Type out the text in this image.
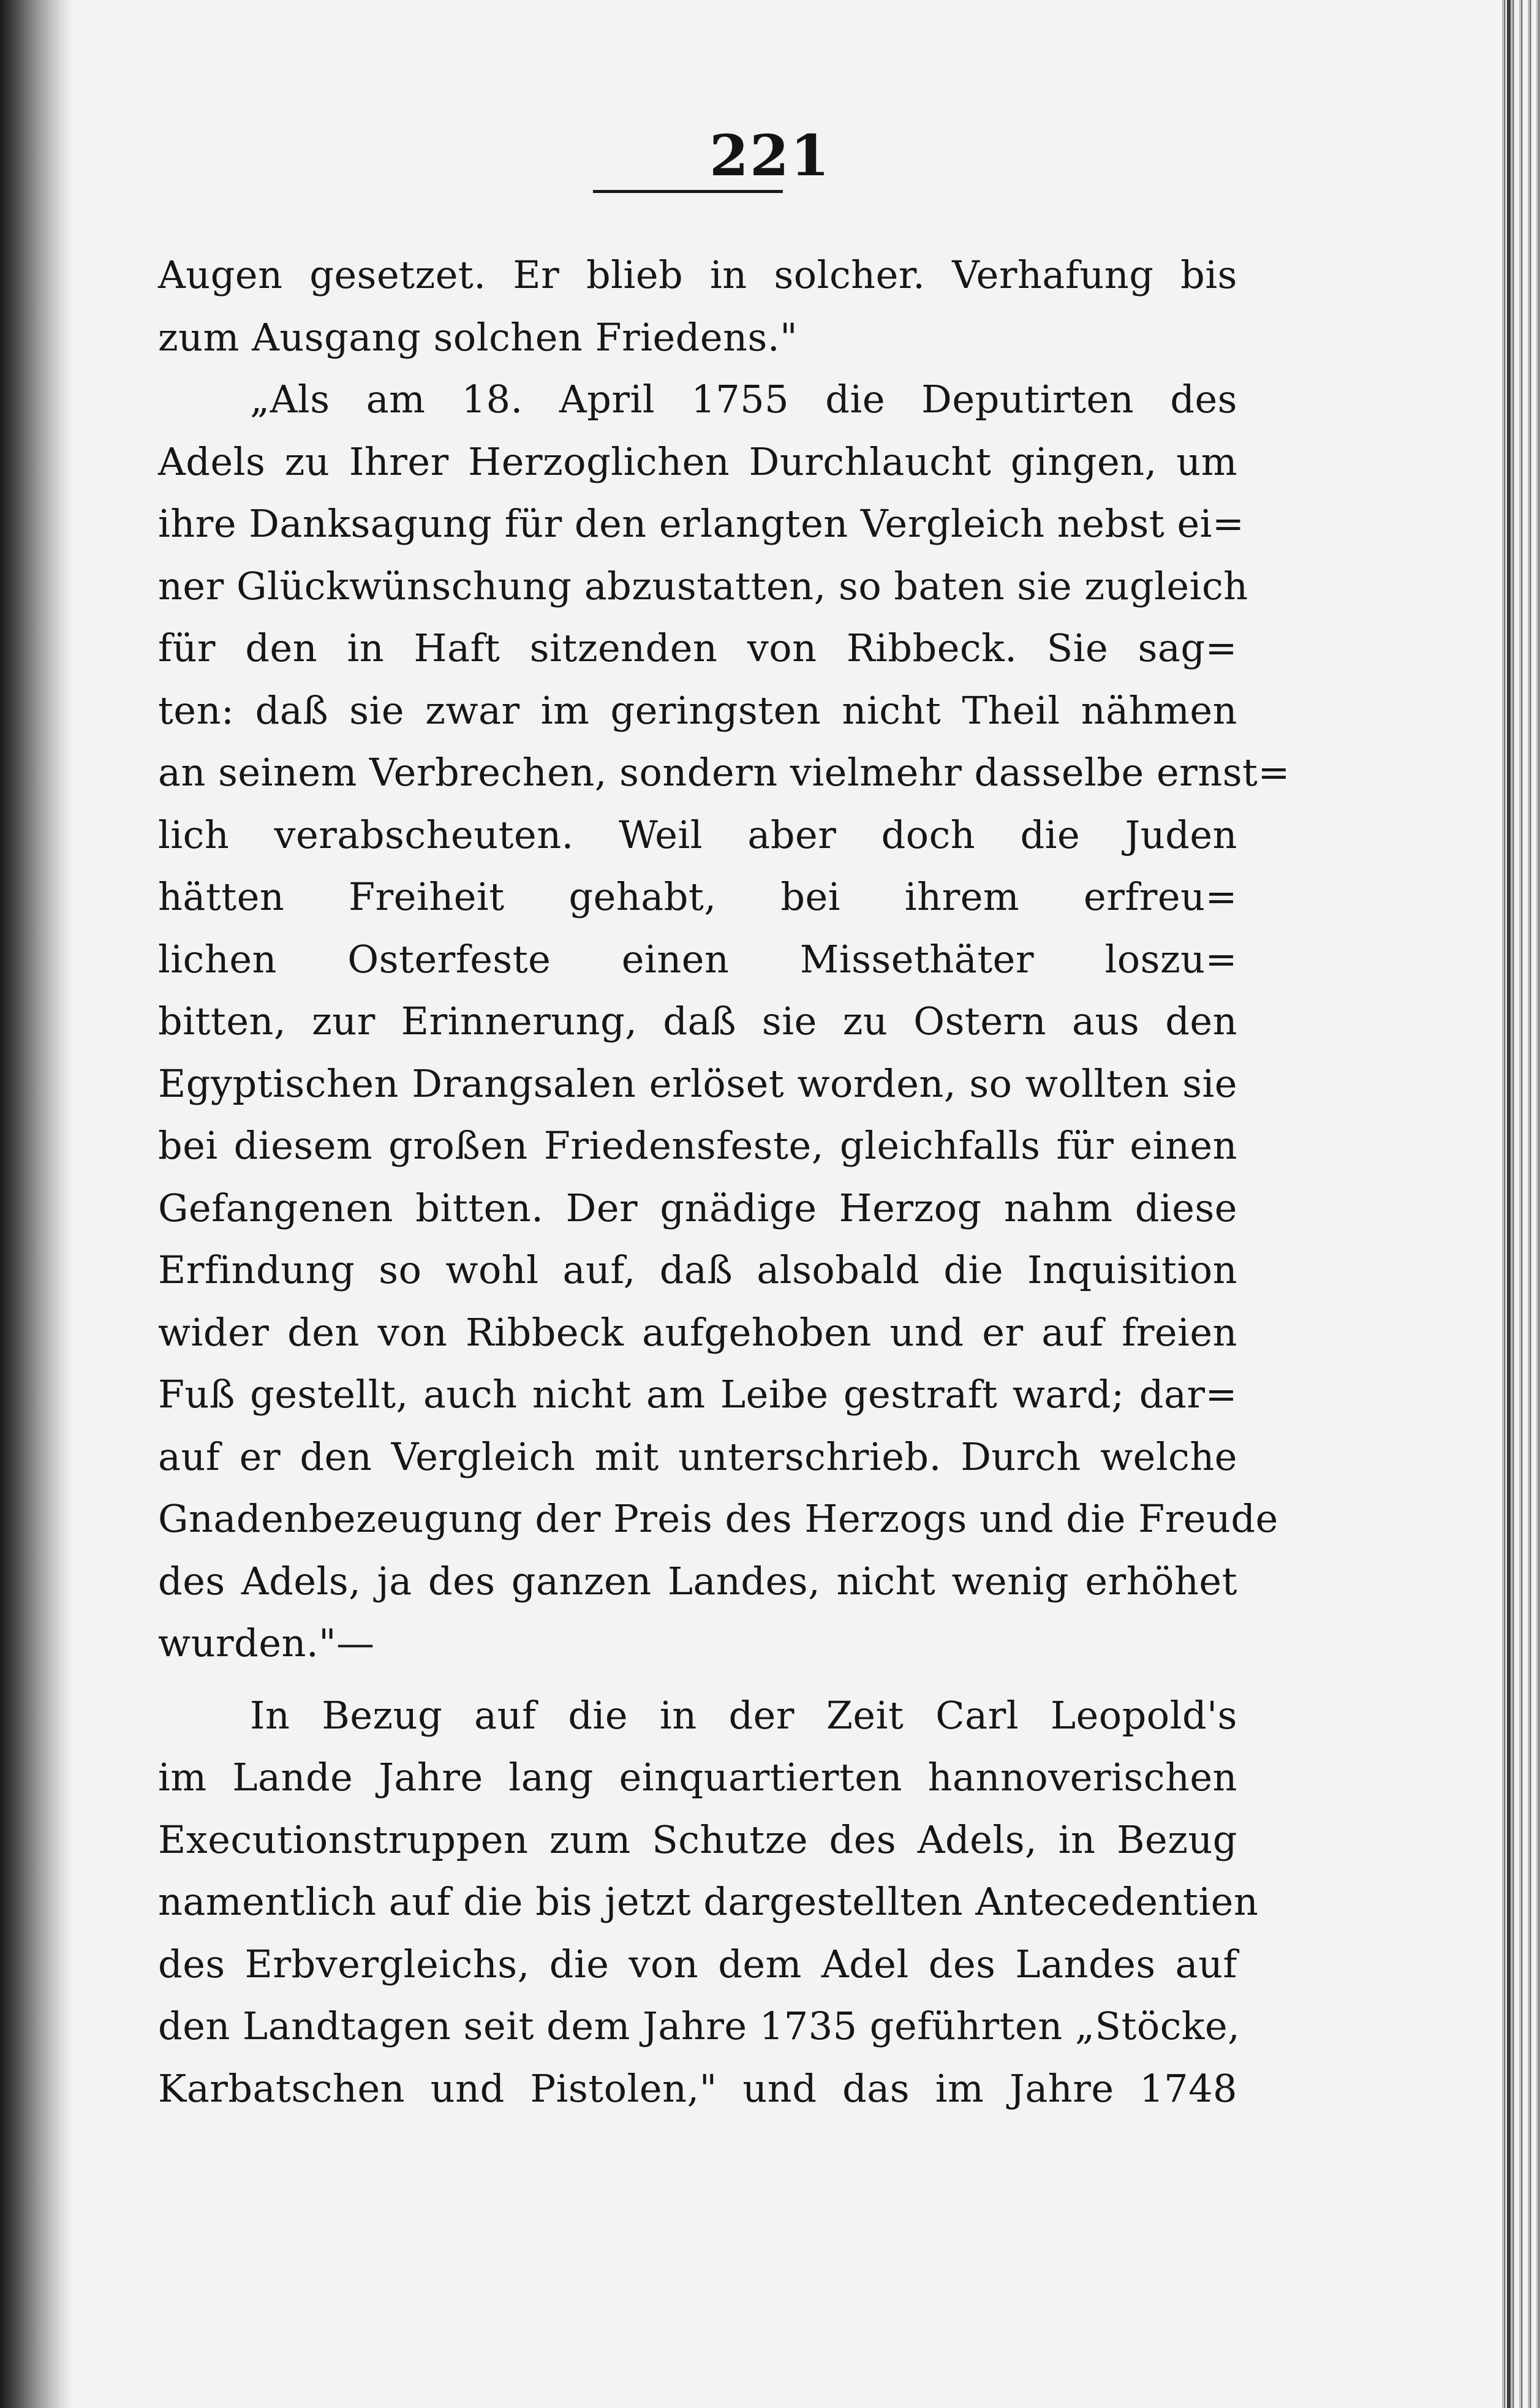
221
Augen gesetzet. Er blieb in solcher. Verhafung bis
zum Ausgang solchen Friedens."
„Als am 18. April 1755 die Deputirten des
Adels zu Ihrer Herzoglichen Durchlaucht gingen, um
ihre Danksagung für den erlangten Vergleich nebst ei=
ner Glückwünschung abzustatten, so baten sie zugleich
für den in Haft sitzenden von Ribbeck. Sie sag=
ten: daß sie zwar im geringsten nicht Theil nähmen
an seinem Verbrechen, sondern vielmehr dasselbe ernst=
lich verabscheuten. Weil aber doch die Juden
hätten Freiheit gehabt, bei ihrem erfreu=
lichen Osterfeste einen Missethäter loszu=
bitten, zur Erinnerung, daß sie zu Ostern aus den
Egyptischen Drangsalen erlöset worden, so wollten sie
bei diesem großen Friedensfeste, gleichfalls für einen
Gefangenen bitten. Der gnädige Herzog nahm diese
Erfindung so wohl auf, daß alsobald die Inquisition
wider den von Ribbeck aufgehoben und er auf freien
Fuß gestellt, auch nicht am Leibe gestraft ward; dar=
auf er den Vergleich mit unterschrieb. Durch welche
Gnadenbezeugung der Preis des Herzogs und die Freude
des Adels, ja des ganzen Landes, nicht wenig erhöhet
wurden."—
In Bezug auf die in der Zeit Carl Leopold's
im Lande Jahre lang einquartierten hannoverischen
Executionstruppen zum Schutze des Adels, in Bezug
namentlich auf die bis jetzt dargestellten Antecedentien
des Erbvergleichs, die von dem Adel des Landes auf
den Landtagen seit dem Jahre 1735 geführten „Stöcke,
Karbatschen und Pistolen," und das im Jahre 1748
